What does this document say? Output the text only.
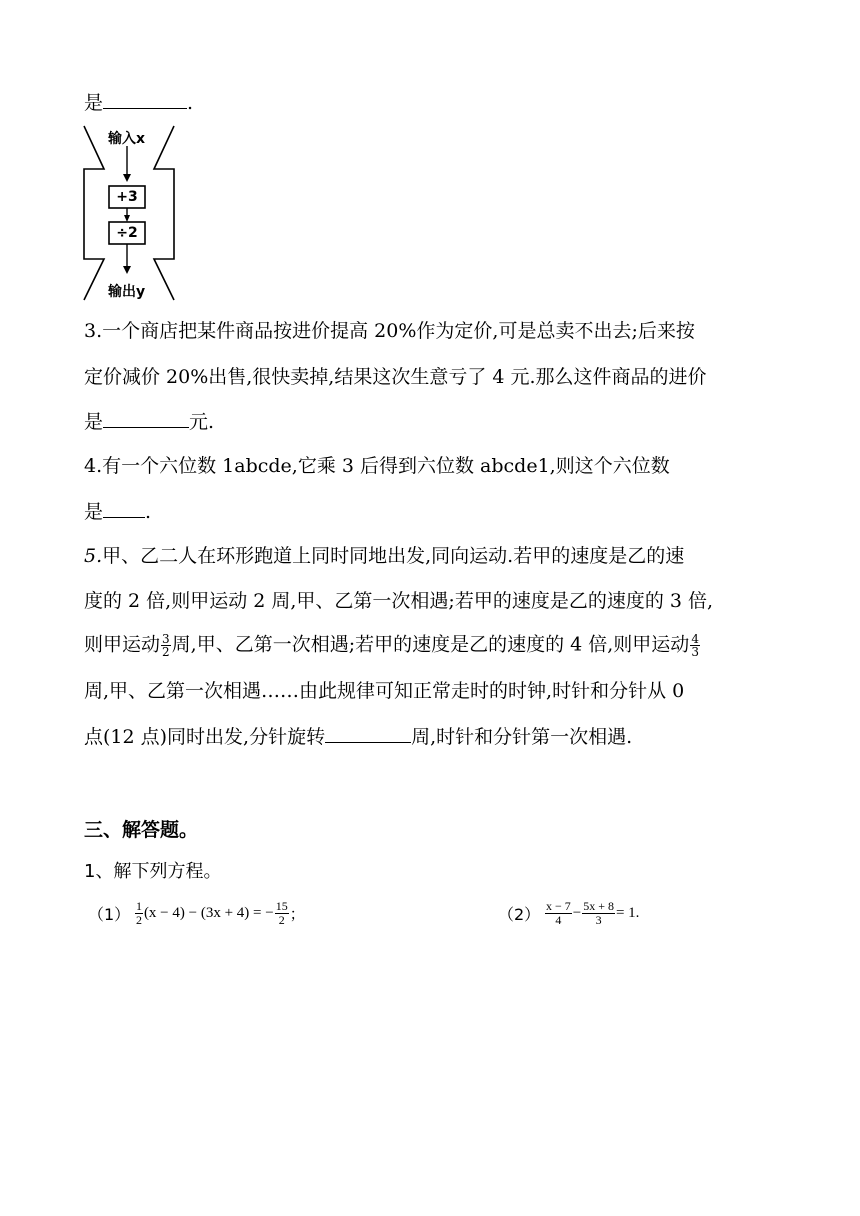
是	.
输入x
+3
÷2
输出y
3.一个商店把某件商品按进价提高 20%作为定价,可是总卖不出去;后来按
定价减价 20%出售,很快卖掉,结果这次生意亏了 4 元.那么这件商品的进价
是	元.
4.有一个六位数 1abcde,它乘 3 后得到六位数 abcde1,则这个六位数
是 .
5.甲、乙二人在环形跑道上同时同地出发,同向运动.若甲的速度是乙的速
度的 2 倍,则甲运动 2 周,甲、乙第一次相遇;若甲的速度是乙的速度的 3 倍,
则甲运动 $\frac{3}{2}$ 周,甲、乙第一次相遇;若甲的速度是乙的速度的 4 倍,则甲运动 $\frac{4}{3}$
周,甲、乙第一次相遇……由此规律可知正常走时的时钟,时针和分针从 0
点(12 点)同时出发,分针旋转	周,时针和分针第一次相遇.
三、解答题。
1、解下列方程。
$(1) \frac{1}{2} (x - 4) - (3x + 4)$ = − $\frac{15}{2}$ ；	$(2) \frac{x - 7}{4} - \frac{5x + 8}{3} = 1$.
